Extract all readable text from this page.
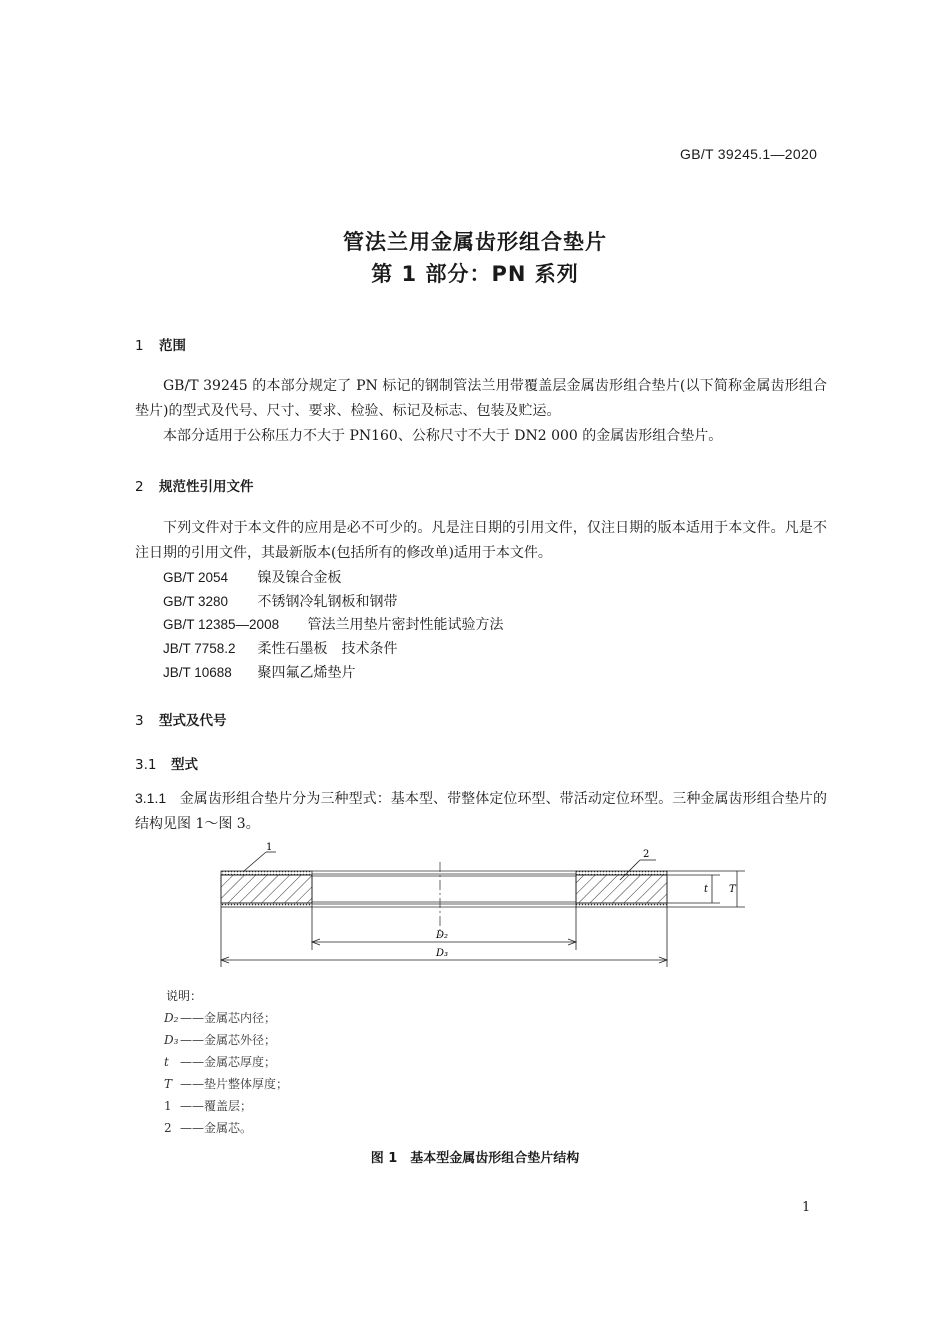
GB/T 39245.1—2020
管法兰用金属齿形组合垫片
第 1 部分：PN 系列
1 范围
GB/T 39245 的本部分规定了 PN 标记的钢制管法兰用带覆盖层金属齿形组合垫片(以下简称金属齿形组合垫片)的型式及代号、尺寸、要求、检验、标记及标志、包装及贮运。
本部分适用于公称压力不大于 PN160、公称尺寸不大于 DN2 000 的金属齿形组合垫片。
2 规范性引用文件
下列文件对于本文件的应用是必不可少的。凡是注日期的引用文件，仅注日期的版本适用于本文件。凡是不注日期的引用文件，其最新版本(包括所有的修改单)适用于本文件。
GB/T 2054 镍及镍合金板
GB/T 3280 不锈钢冷轧钢板和钢带
GB/T 12385—2008 管法兰用垫片密封性能试验方法
JB/T 7758.2 柔性石墨板　技术条件
JB/T 10688 聚四氟乙烯垫片
3 型式及代号
3.1 型式
3.1.1 金属齿形组合垫片分为三种型式：基本型、带整体定位环型、带活动定位环型。三种金属齿形组合垫片的结构见图 1～图 3。
1
2
t T
D₂
D₃
说明：
D₂ ——金属芯内径；
D₃ ——金属芯外径；
t ——金属芯厚度；
T ——垫片整体厚度；
1 ——覆盖层；
2 ——金属芯。
图 1　基本型金属齿形组合垫片结构
1
